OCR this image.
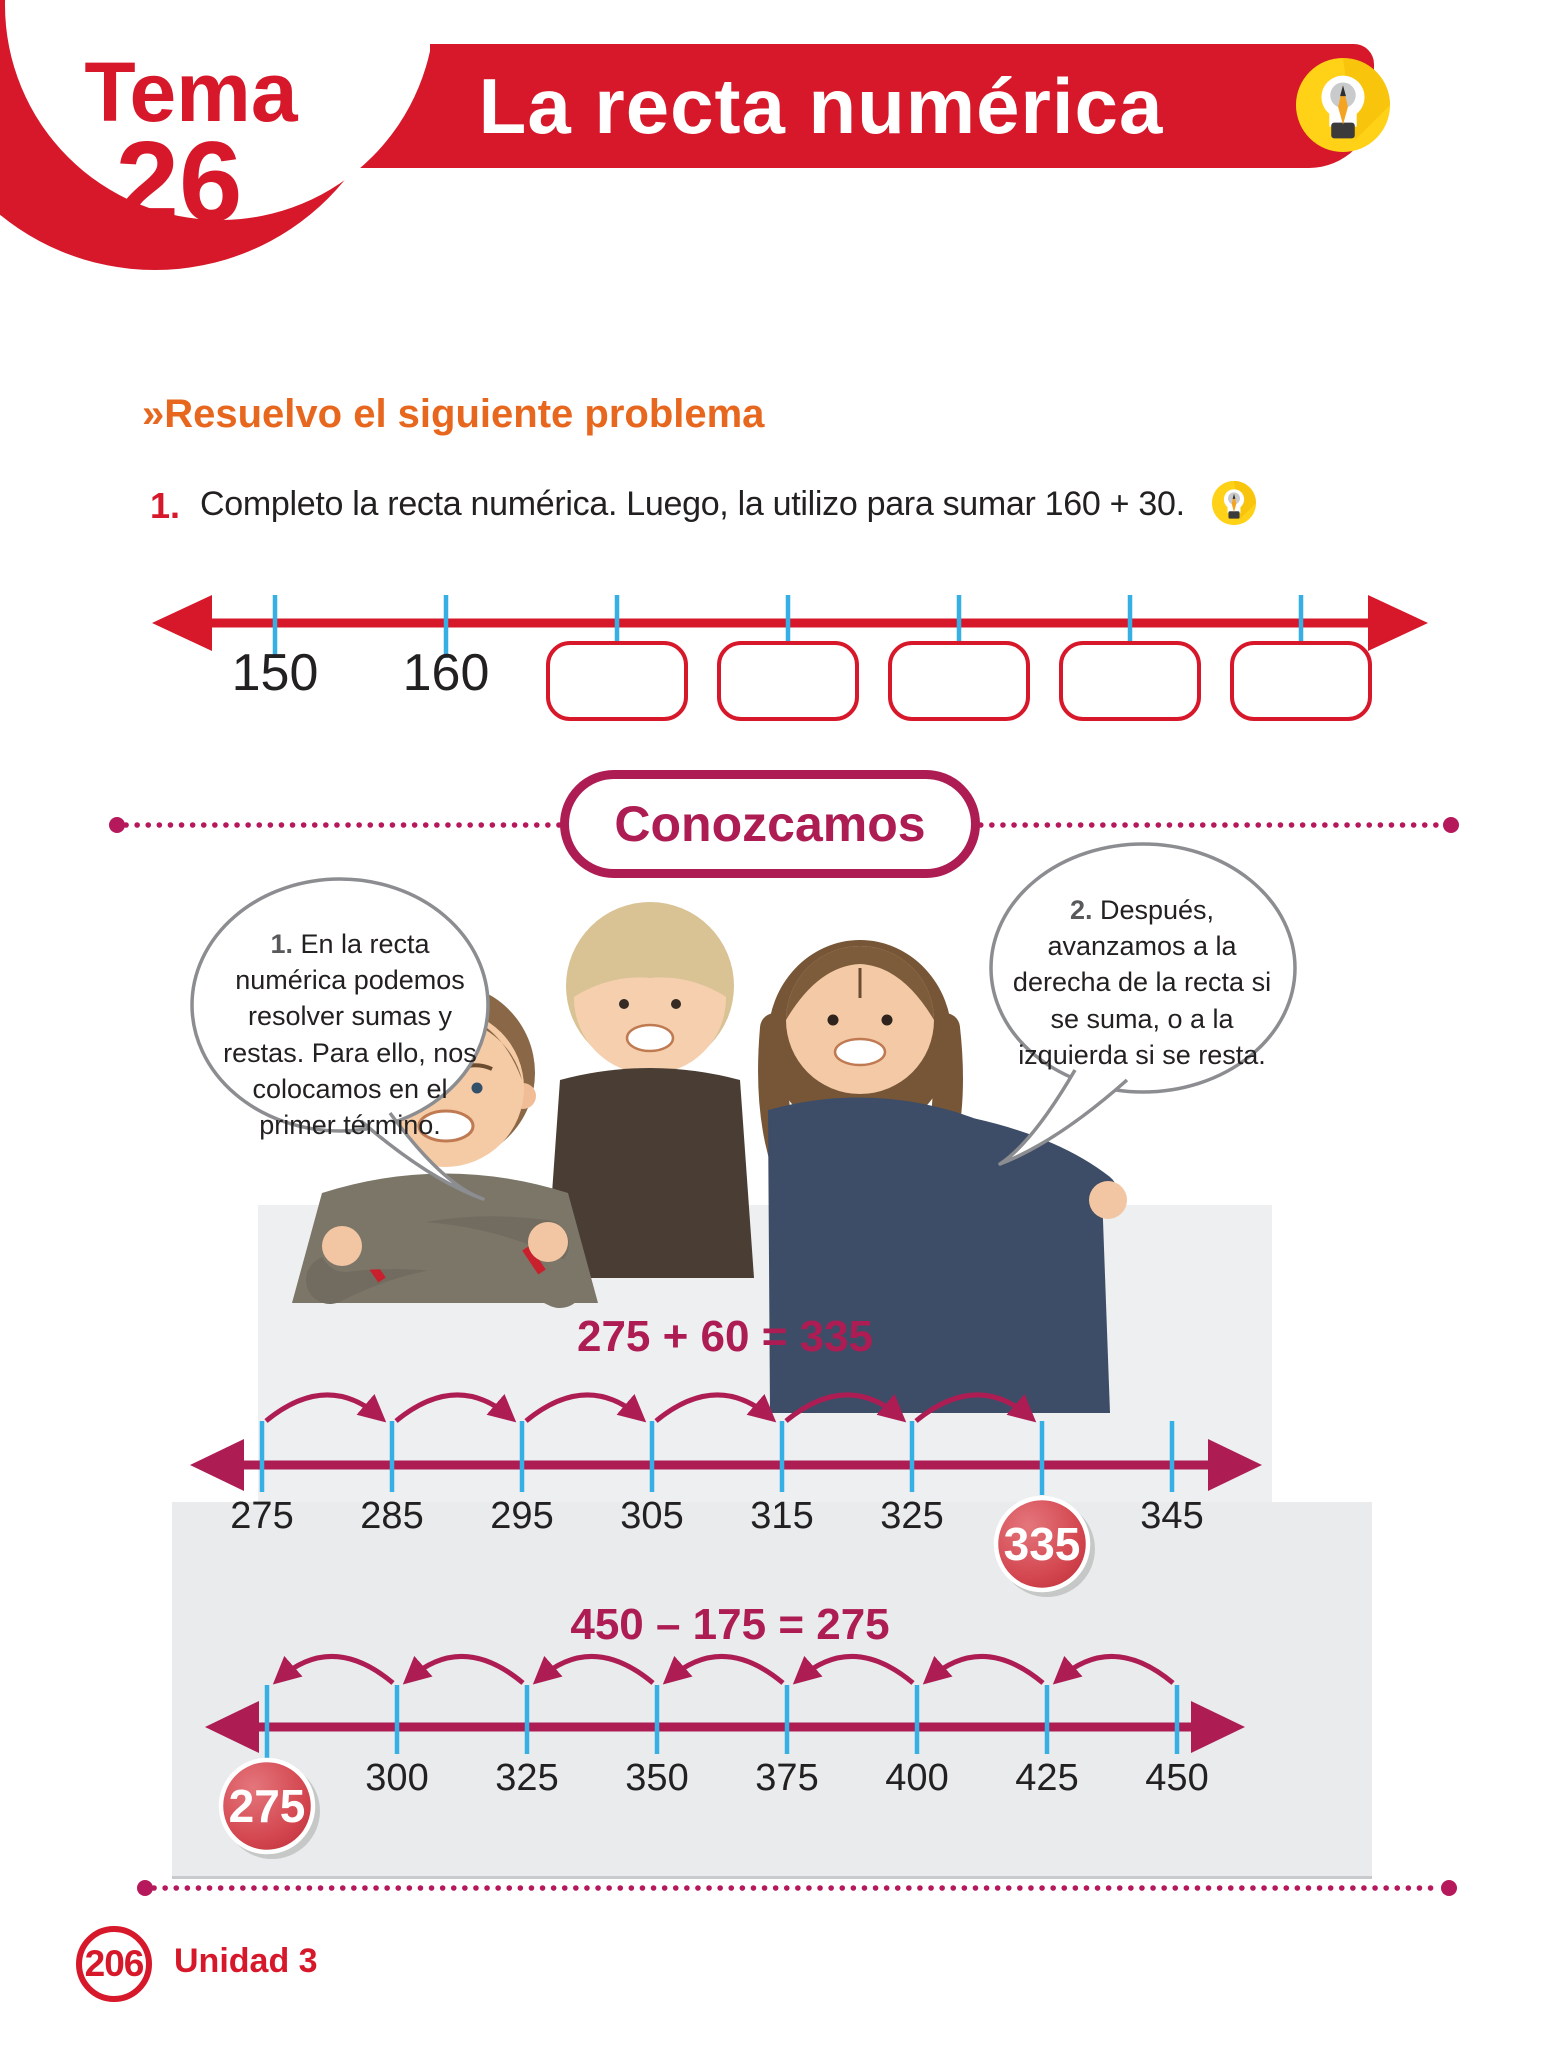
La recta numérica
Tema
26
»Resuelvo el siguiente problema
1. Completo la recta numérica. Luego, la utilizo para sumar 160 + 30.
150 160
Conozcamos
1. En la recta numérica podemos resolver sumas y restas. Para ello, nos colocamos en el primer término.
2. Después, avanzamos a la derecha de la recta si se suma, o a la izquierda si se resta.
275 + 60 = 335
275 285 295 305 315 325	345
335
450 – 175 = 275
300 325 350 375 400 425 450
275
206 Unidad 3
